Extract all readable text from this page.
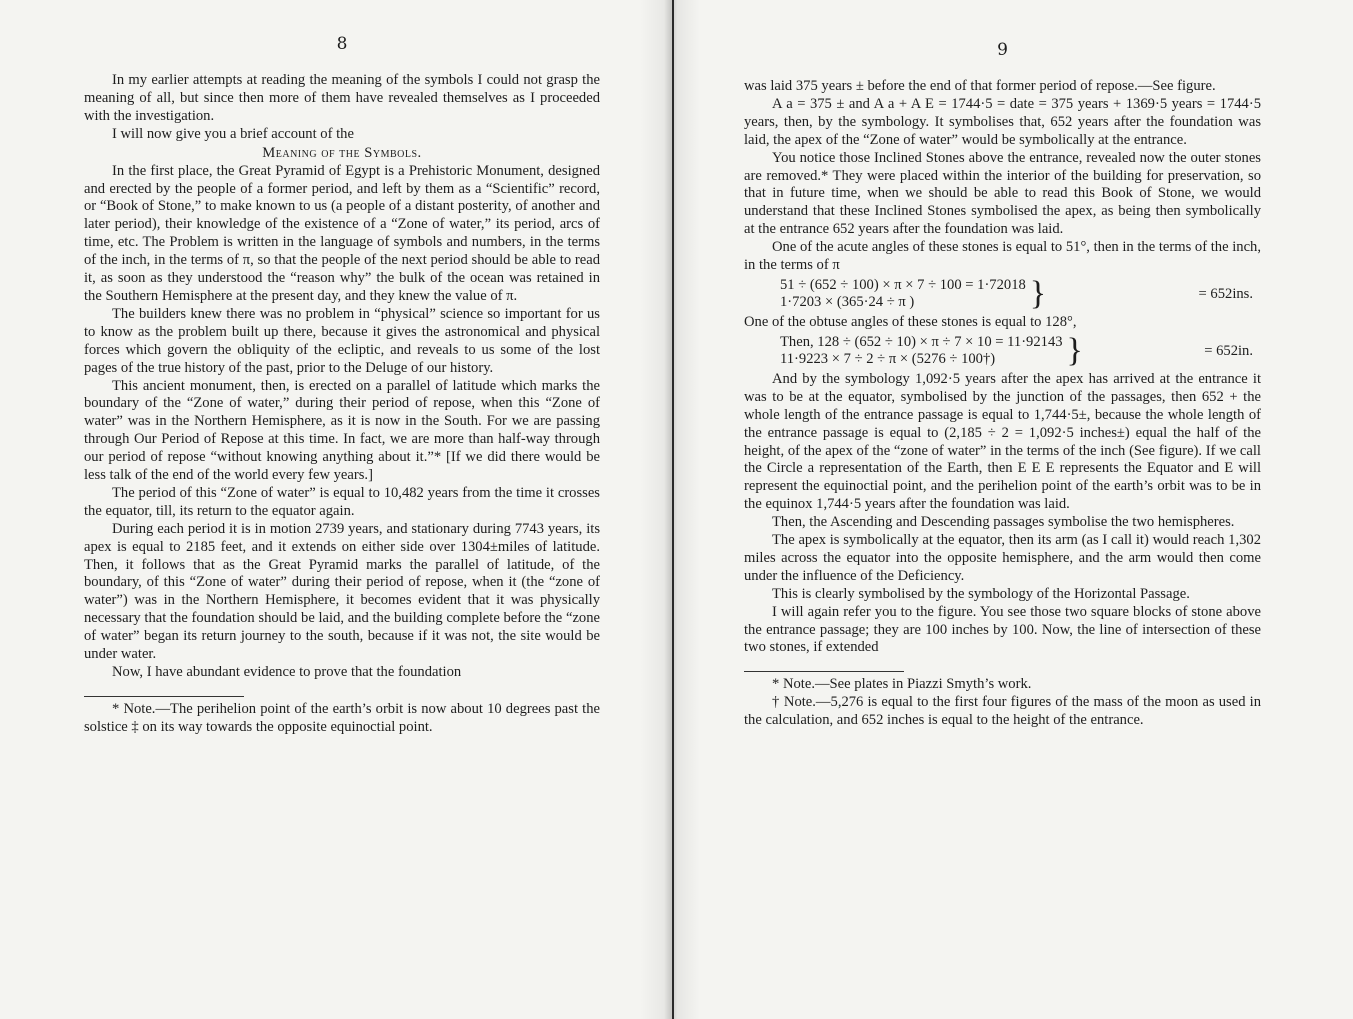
8

In my earlier attempts at reading the meaning of the symbols I could not grasp the meaning of all, but since then more of them have revealed themselves as I proceeded with the investigation.

I will now give you a brief account of the

Meaning of the Symbols.

In the first place, the Great Pyramid of Egypt is a Prehistoric Monument, designed and erected by the people of a former period, and left by them as a “Scientific” record, or “Book of Stone,” to make known to us (a people of a distant posterity, of another and later period), their knowledge of the existence of a “Zone of water,” its period, arcs of time, etc. The Problem is written in the language of symbols and numbers, in the terms of the inch, in the terms of π, so that the people of the next period should be able to read it, as soon as they understood the “reason why” the bulk of the ocean was retained in the Southern Hemisphere at the present day, and they knew the value of π.

The builders knew there was no problem in “physical” science so important for us to know as the problem built up there, because it gives the astronomical and physical forces which govern the obliquity of the ecliptic, and reveals to us some of the lost pages of the true history of the past, prior to the Deluge of our history.

This ancient monument, then, is erected on a parallel of latitude which marks the boundary of the “Zone of water,” during their period of repose, when this “Zone of water” was in the Northern Hemisphere, as it is now in the South. For we are passing through Our Period of Repose at this time. In fact, we are more than half-way through our period of repose “without knowing anything about it.”* [If we did there would be less talk of the end of the world every few years.]

The period of this “Zone of water” is equal to 10,482 years from the time it crosses the equator, till, its return to the equator again.

During each period it is in motion 2739 years, and stationary during 7743 years, its apex is equal to 2185 feet, and it extends on either side over 1304±miles of latitude. Then, it follows that as the Great Pyramid marks the parallel of latitude, of the boundary, of this “Zone of water” during their period of repose, when it (the “zone of water”) was in the Northern Hemisphere, it becomes evident that it was physically necessary that the foundation should be laid, and the building complete before the “zone of water” began its return journey to the south, because if it was not, the site would be under water.

Now, I have abundant evidence to prove that the foundation

* Note.—The perihelion point of the earth’s orbit is now about 10 degrees past the solstice ‡ on its way towards the opposite equinoctial point.

9

was laid 375 years ± before the end of that former period of repose.—See figure.

A a = 375 ± and A a + A E = 1744·5 = date = 375 years + 1369·5 years = 1744·5 years, then, by the symbology. It symbolises that, 652 years after the foundation was laid, the apex of the “Zone of water” would be symbolically at the entrance.

You notice those Inclined Stones above the entrance, revealed now the outer stones are removed.* They were placed within the interior of the building for preservation, so that in future time, when we should be able to read this Book of Stone, we would understand that these Inclined Stones symbolised the apex, as being then symbolically at the entrance 652 years after the foundation was laid.

One of the acute angles of these stones is equal to 51°, then in the terms of the inch, in the terms of π

51 ÷ (652 ÷ 100) × π × 7 ÷ 100 = 1·72018
1·7203 × (365·24 ÷ π )	}	= 652ins.

One of the obtuse angles of these stones is equal to 128°,

Then, 128 ÷ (652 ÷ 10) × π ÷ 7 × 10 = 11·92143
11·9223 × 7 ÷ 2 ÷ π × (5276 ÷ 100†)	}	= 652in.

And by the symbology 1,092·5 years after the apex has arrived at the entrance it was to be at the equator, symbolised by the junction of the passages, then 652 + the whole length of the entrance passage is equal to 1,744·5±, because the whole length of the entrance passage is equal to (2,185 ÷ 2 = 1,092·5 inches±) equal the half of the height, of the apex of the “zone of water” in the terms of the inch (See figure). If we call the Circle a representation of the Earth, then E E E represents the Equator and E will represent the equinoctial point, and the perihelion point of the earth’s orbit was to be in the equinox 1,744·5 years after the foundation was laid.

Then, the Ascending and Descending passages symbolise the two hemispheres.

The apex is symbolically at the equator, then its arm (as I call it) would reach 1,302 miles across the equator into the opposite hemisphere, and the arm would then come under the influence of the Deficiency.

This is clearly symbolised by the symbology of the Horizontal Passage.

I will again refer you to the figure. You see those two square blocks of stone above the entrance passage; they are 100 inches by 100. Now, the line of intersection of these two stones, if extended

* Note.—See plates in Piazzi Smyth’s work.

† Note.—5,276 is equal to the first four figures of the mass of the moon as used in the calculation, and 652 inches is equal to the height of the entrance.
